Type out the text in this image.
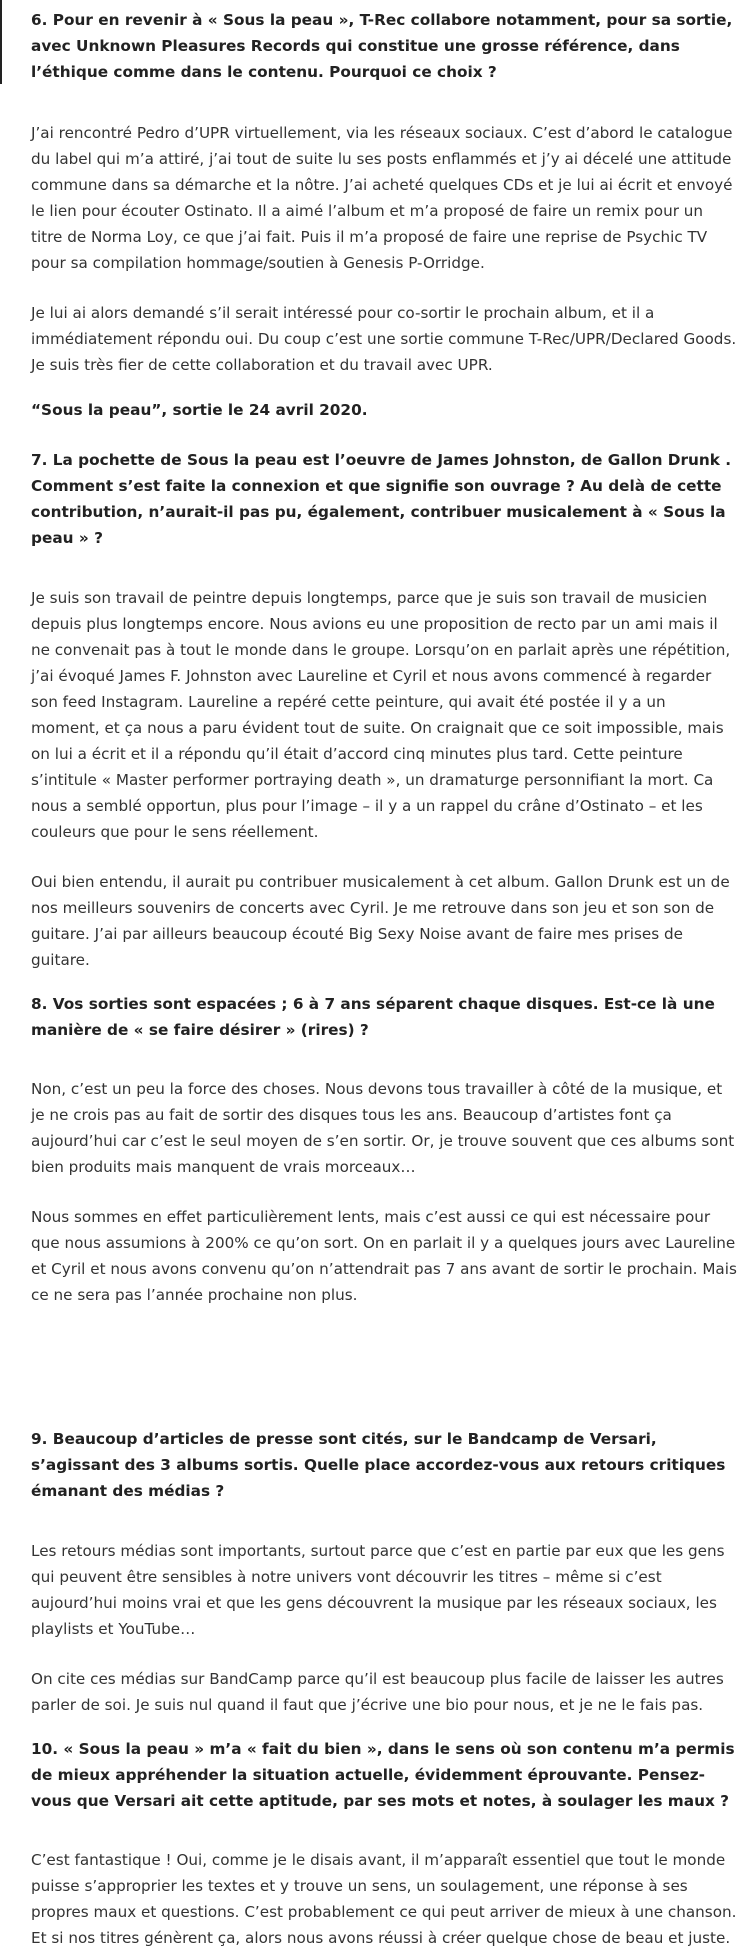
6. Pour en revenir à « Sous la peau », T-Rec collabore notamment, pour sa sortie, avec Unknown Pleasures Records qui constitue une grosse référence, dans l’éthique comme dans le contenu. Pourquoi ce choix ?

J’ai rencontré Pedro d’UPR virtuellement, via les réseaux sociaux. C’est d’abord le catalogue du label qui m’a attiré, j’ai tout de suite lu ses posts enflammés et j’y ai décelé une attitude commune dans sa démarche et la nôtre. J’ai acheté quelques CDs et je lui ai écrit et envoyé le lien pour écouter Ostinato. Il a aimé l’album et m’a proposé de faire un remix pour un titre de Norma Loy, ce que j’ai fait. Puis il m’a proposé de faire une reprise de Psychic TV pour sa compilation hommage/soutien à Genesis P-Orridge.

Je lui ai alors demandé s’il serait intéressé pour co-sortir le prochain album, et il a immédiatement répondu oui. Du coup c’est une sortie commune T-Rec/UPR/Declared Goods. Je suis très fier de cette collaboration et du travail avec UPR.

“Sous la peau”, sortie le 24 avril 2020.

7. La pochette de Sous la peau est l’oeuvre de James Johnston, de Gallon Drunk . Comment s’est faite la connexion et que signifie son ouvrage ? Au delà de cette contribution, n’aurait-il pas pu, également, contribuer musicalement à « Sous la peau » ?

Je suis son travail de peintre depuis longtemps, parce que je suis son travail de musicien depuis plus longtemps encore. Nous avions eu une proposition de recto par un ami mais il ne convenait pas à tout le monde dans le groupe. Lorsqu’on en parlait après une répétition, j’ai évoqué James F. Johnston avec Laureline et Cyril et nous avons commencé à regarder son feed Instagram. Laureline a repéré cette peinture, qui avait été postée il y a un moment, et ça nous a paru évident tout de suite. On craignait que ce soit impossible, mais on lui a écrit et il a répondu qu’il était d’accord cinq minutes plus tard. Cette peinture s’intitule « Master performer portraying death », un dramaturge personnifiant la mort. Ca nous a semblé opportun, plus pour l’image – il y a un rappel du crâne d’Ostinato – et les couleurs que pour le sens réellement.

Oui bien entendu, il aurait pu contribuer musicalement à cet album. Gallon Drunk est un de nos meilleurs souvenirs de concerts avec Cyril. Je me retrouve dans son jeu et son son de guitare. J’ai par ailleurs beaucoup écouté Big Sexy Noise avant de faire mes prises de guitare.

8. Vos sorties sont espacées ; 6 à 7 ans séparent chaque disques. Est-ce là une manière de « se faire désirer » (rires) ?

Non, c’est un peu la force des choses. Nous devons tous travailler à côté de la musique, et je ne crois pas au fait de sortir des disques tous les ans. Beaucoup d’artistes font ça aujourd’hui car c’est le seul moyen de s’en sortir. Or, je trouve souvent que ces albums sont bien produits mais manquent de vrais morceaux…

Nous sommes en effet particulièrement lents, mais c’est aussi ce qui est nécessaire pour que nous assumions à 200% ce qu’on sort. On en parlait il y a quelques jours avec Laureline et Cyril et nous avons convenu qu’on n’attendrait pas 7 ans avant de sortir le prochain. Mais ce ne sera pas l’année prochaine non plus.

9. Beaucoup d’articles de presse sont cités, sur le Bandcamp de Versari, s’agissant des 3 albums sortis. Quelle place accordez-vous aux retours critiques émanant des médias ?

Les retours médias sont importants, surtout parce que c’est en partie par eux que les gens qui peuvent être sensibles à notre univers vont découvrir les titres – même si c’est aujourd’hui moins vrai et que les gens découvrent la musique par les réseaux sociaux, les playlists et YouTube…

On cite ces médias sur BandCamp parce qu’il est beaucoup plus facile de laisser les autres parler de soi. Je suis nul quand il faut que j’écrive une bio pour nous, et je ne le fais pas.

10. « Sous la peau » m’a « fait du bien », dans le sens où son contenu m’a permis de mieux appréhender la situation actuelle, évidemment éprouvante. Pensez-vous que Versari ait cette aptitude, par ses mots et notes, à soulager les maux ?

C’est fantastique ! Oui, comme je le disais avant, il m’apparaît essentiel que tout le monde puisse s’approprier les textes et y trouve un sens, un soulagement, une réponse à ses propres maux et questions. C’est probablement ce qui peut arriver de mieux à une chanson. Et si nos titres génèrent ça, alors nous avons réussi à créer quelque chose de beau et juste.
